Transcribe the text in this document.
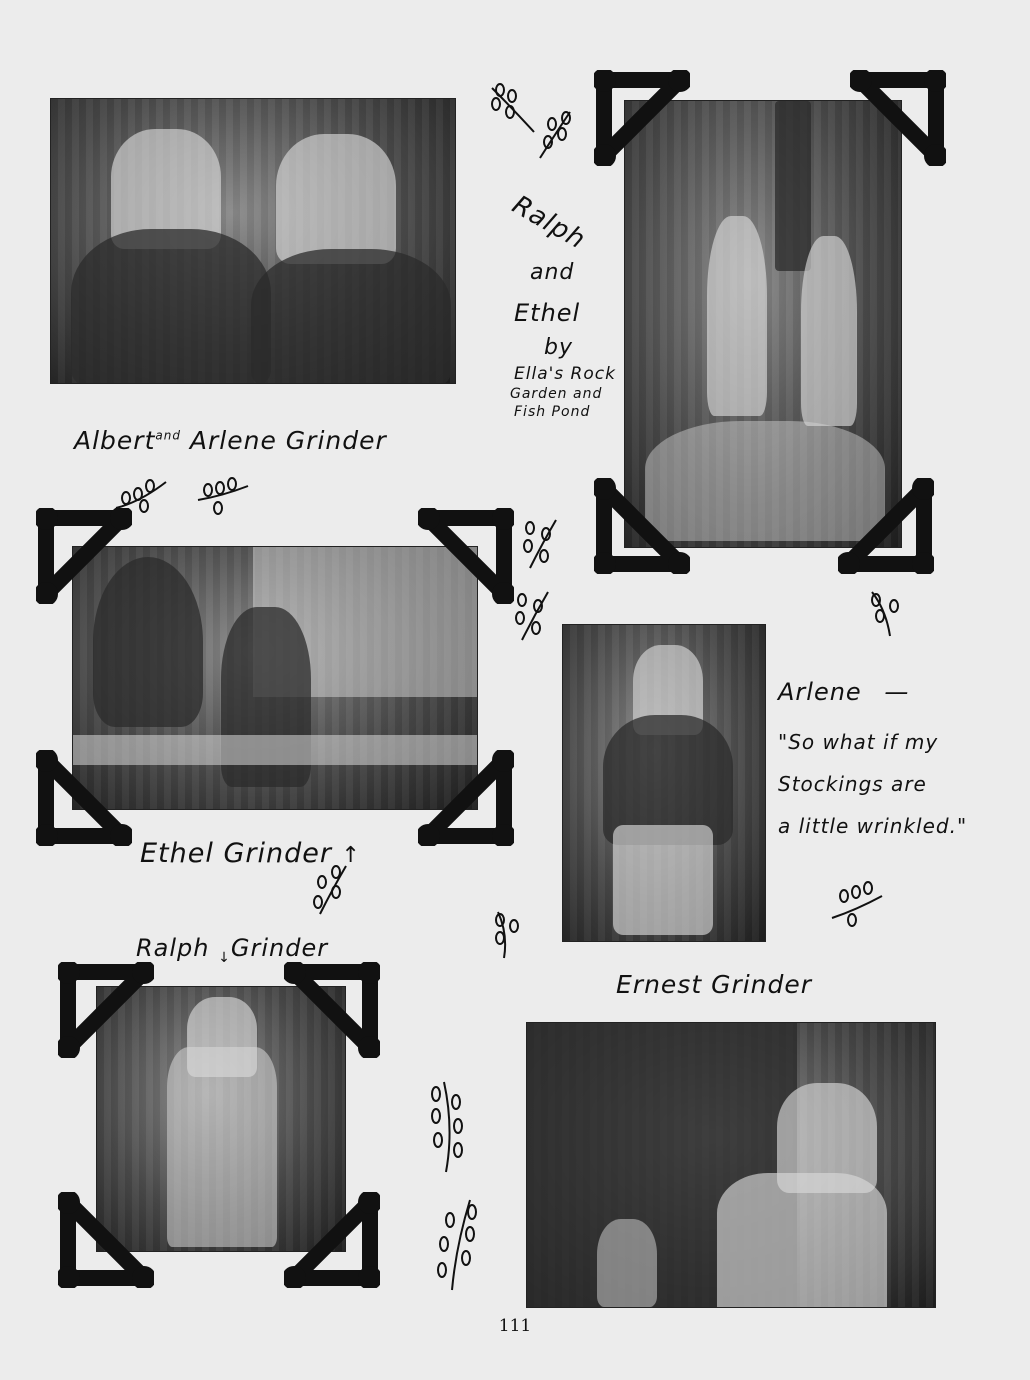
Albert$^{and}$ Arlene Grinder
Ralph
and
Ethel
by
Ella's Rock
Garden and
Fish Pond
Ethel Grinder ↑
Arlene —
"So what if my
Stockings are
a little wrinkled."
Ralph $_↓$Grinder
Ernest Grinder
111
